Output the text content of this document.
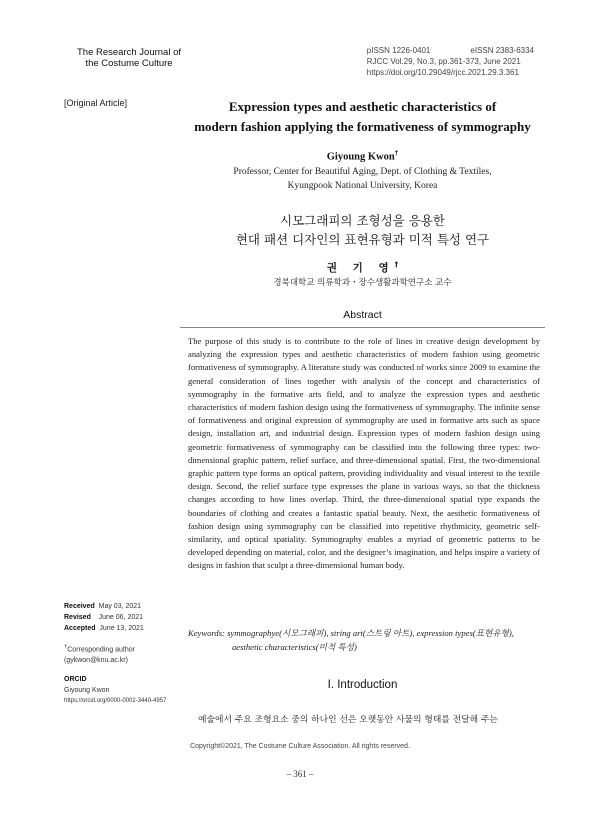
The Research Journal of
the Costume Culture
pISSN 1226-0401	eISSN 2383-6334
RJCC Vol.29, No.3, pp.361-373, June 2021
https://doi.org/10.29049/rjcc.2021.29.3.361
[Original Article]	Expression types and aesthetic characteristics of
modern fashion applying the formativeness of symmography
Giyoung Kwon†
Professor, Center for Beautiful Aging, Dept. of Clothing & Textiles,
Kyungpook National University, Korea
시모그래피의 조형성을 응용한
현대 패션 디자인의 표현유형과 미적 특성 연구
권 기 영†
경북대학교 의류학과・장수생활과학연구소 교수
Abstract
The purpose of this study is to contribute to the role of lines in creative design development by analyzing the expression types and aesthetic characteristics of modern fashion using geometric formativeness of symmography. A literature study was conducted of works since 2009 to examine the general consideration of lines together with analysis of the concept and characteristics of symmography in the formative arts field, and to analyze the expression types and aesthetic characteristics of modern fashion design using the formativeness of symmography. The infinite sense of formativeness and original expression of symmography are used in formative arts such as space design, installation art, and industrial design. Expression types of modern fashion design using geometric formativeness of symmography can be classified into the following three types: two-dimensional graphic pattern, relief surface, and three-dimensional spatial. First, the two-dimensional graphic pattern type forms an optical pattern, providing individuality and visual interest to the textile design. Second, the relief surface type expresses the plane in various ways, so that the thickness changes according to how lines overlap. Third, the three-dimensional spatial type expands the boundaries of clothing and creates a fantastic spatial beauty. Next, the aesthetic formativeness of fashion design using symmography can be classified into repetitive rhythmicity, geometric self-similarity, and optical spatiality. Symmography enables a myriad of geometric patterns to be developed depending on material, color, and the designer’s imagination, and helps inspire a variety of designs in fashion that sculpt a three-dimensional human body.
Keywords: symmographye(시모그래피), string art(스트링 아트), expression types(표현유형), aesthetic characteristics(미적 특성)
Received May 03, 2021
Revised June 06, 2021
Accepted June 13, 2021
†Corresponding author
(gykwon@knu.ac.kr)
ORCID
Giyoung Kwon
https://orcid.org/0000-0002-3440-4957
I. Introduction
예술에서 주요 조형요소 중의 하나인 선은 오랫동안 사물의 형태를 전달해 주는
Copyright©2021, The Costume Culture Association. All rights reserved.
– 361 –
